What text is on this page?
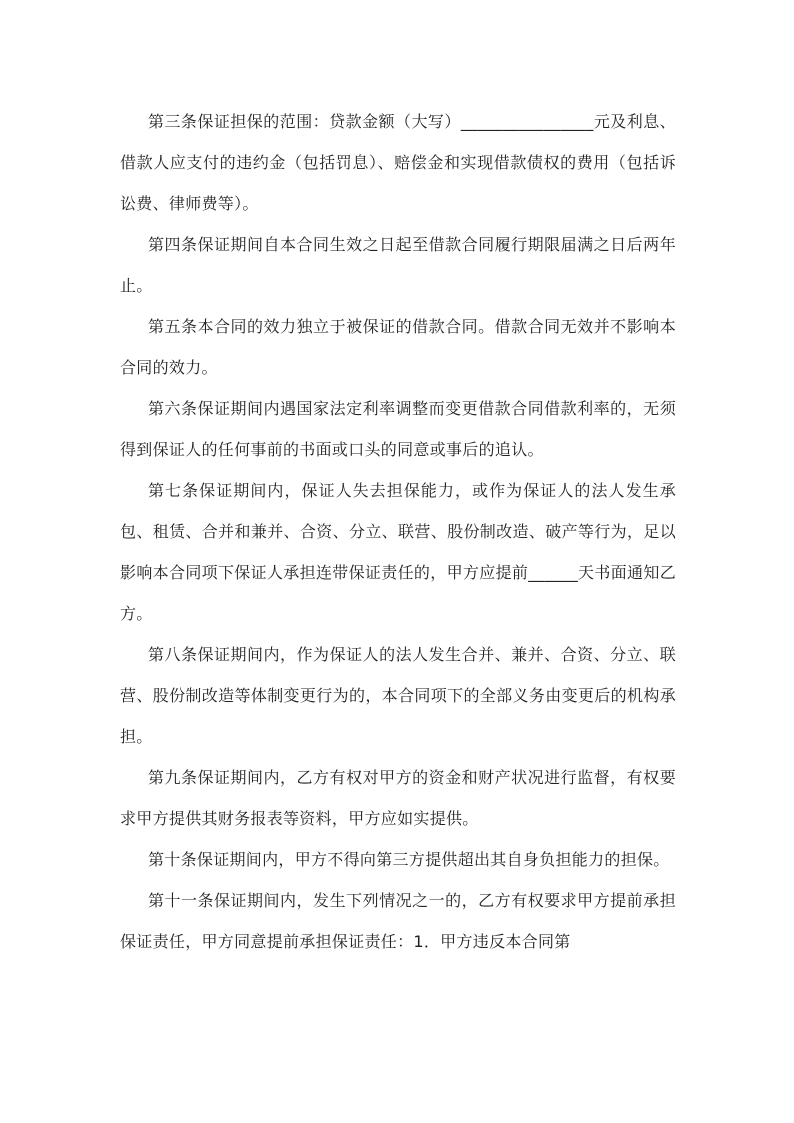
第三条保证担保的范围：贷款金额（大写）________________元及利息、借款人应支付的违约金（包括罚息）、赔偿金和实现借款债权的费用（包括诉讼费、律师费等）。

第四条保证期间自本合同生效之日起至借款合同履行期限届满之日后两年止。

第五条本合同的效力独立于被保证的借款合同。借款合同无效并不影响本合同的效力。

第六条保证期间内遇国家法定利率调整而变更借款合同借款利率的，无须得到保证人的任何事前的书面或口头的同意或事后的追认。

第七条保证期间内，保证人失去担保能力，或作为保证人的法人发生承包、租赁、合并和兼并、合资、分立、联营、股份制改造、破产等行为，足以影响本合同项下保证人承担连带保证责任的，甲方应提前______天书面通知乙方。

第八条保证期间内，作为保证人的法人发生合并、兼并、合资、分立、联营、股份制改造等体制变更行为的，本合同项下的全部义务由变更后的机构承担。

第九条保证期间内，乙方有权对甲方的资金和财产状况进行监督，有权要求甲方提供其财务报表等资料，甲方应如实提供。

第十条保证期间内，甲方不得向第三方提供超出其自身负担能力的担保。

第十一条保证期间内，发生下列情况之一的，乙方有权要求甲方提前承担保证责任，甲方同意提前承担保证责任：1．甲方违反本合同第
